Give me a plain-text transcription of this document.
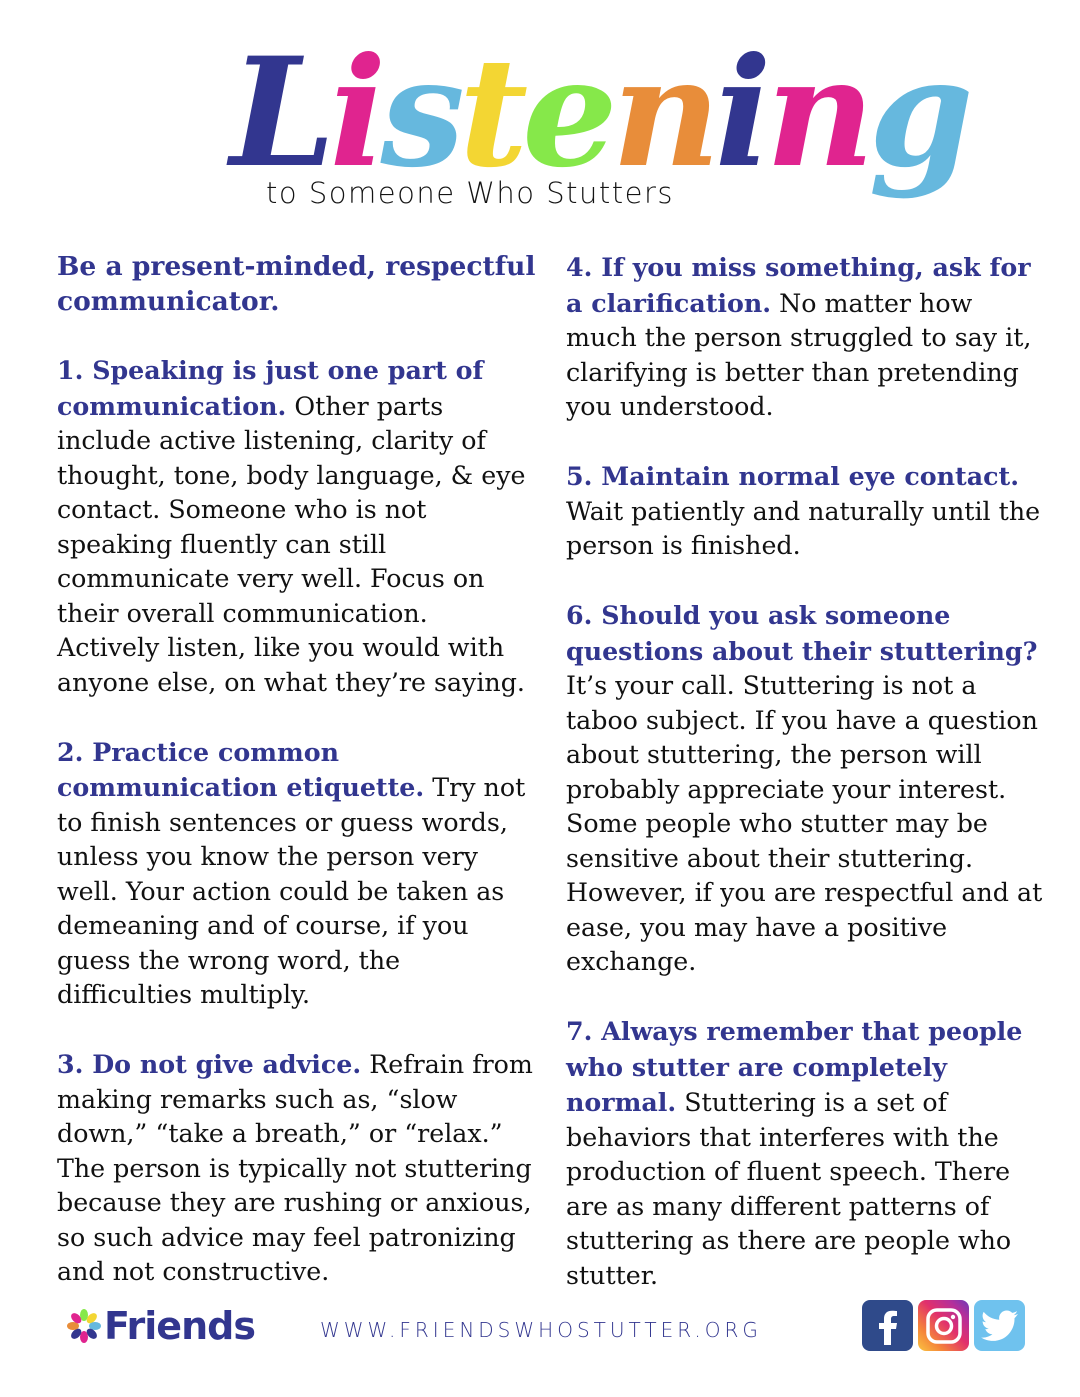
Listening
to Someone Who Stutters
Be a present-minded, respectful communicator.

1. Speaking is just one part of communication. Other parts include active listening, clarity of thought, tone, body language, & eye contact. Someone who is not speaking fluently can still communicate very well. Focus on their overall communication. Actively listen, like you would with anyone else, on what they’re saying.

2. Practice common communication etiquette. Try not to finish sentences or guess words, unless you know the person very well. Your action could be taken as demeaning and of course, if you guess the wrong word, the difficulties multiply.

3. Do not give advice. Refrain from making remarks such as, “slow down,” “take a breath,” or “relax.” The person is typically not stuttering because they are rushing or anxious, so such advice may feel patronizing and not constructive.

4. If you miss something, ask for a clarification. No matter how much the person struggled to say it, clarifying is better than pretending you understood.

5. Maintain normal eye contact. Wait patiently and naturally until the person is finished.

6. Should you ask someone questions about their stuttering? It’s your call. Stuttering is not a taboo subject. If you have a question about stuttering, the person will probably appreciate your interest. Some people who stutter may be sensitive about their stuttering. However, if you are respectful and at ease, you may have a positive exchange.

7. Always remember that people who stutter are completely normal. Stuttering is a set of behaviors that interferes with the production of fluent speech. There are as many different patterns of stuttering as there are people who stutter.

Friends	WWW.FRIENDSWHOSTUTTER.ORG
